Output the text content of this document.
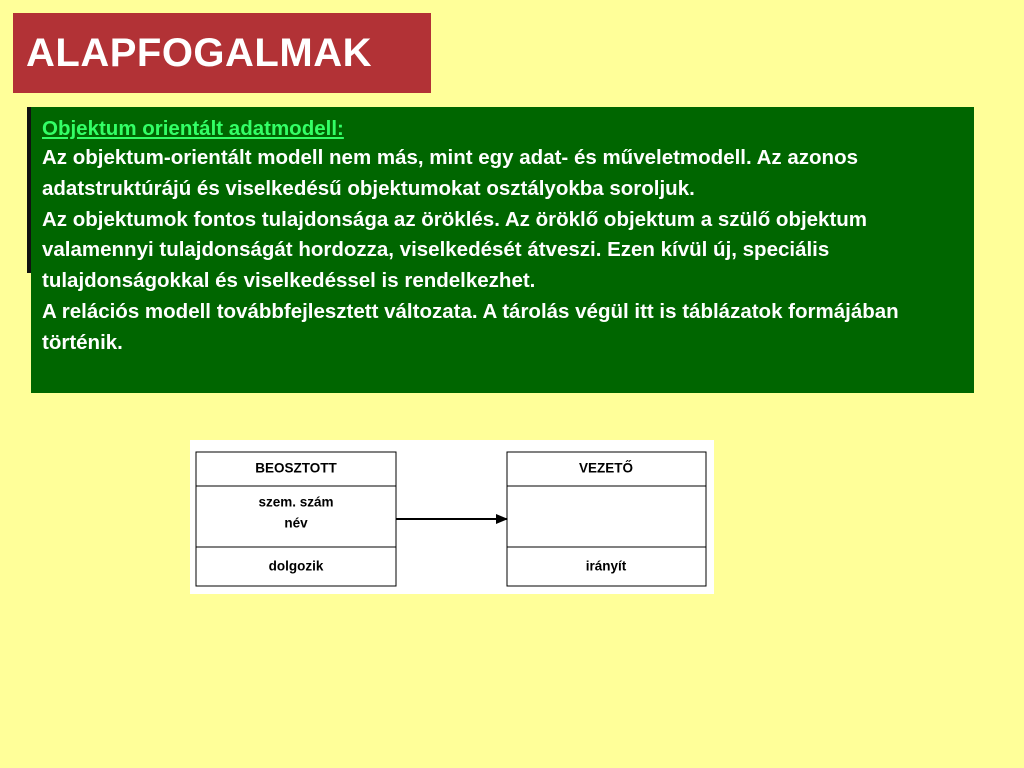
ALAPFOGALMAK
Objektum orientált adatmodell:

Az objektum-orientált modell nem más, mint egy adat- és műveletmodell. Az azonos adatstruktúrájú és viselkedésű objektumokat osztályokba soroljuk.

Az objektumok fontos tulajdonsága az öröklés. Az öröklő objektum a szülő objektum valamennyi tulajdonságát hordozza, viselkedését átveszi. Ezen kívül új, speciális tulajdonságokkal és viselkedéssel is rendelkezhet.

A relációs modell továbbfejlesztett változata. A tárolás végül itt is táblázatok formájában történik.

BEOSZTOTT
szem. szám
név
dolgozik
VEZETŐ
irányít
